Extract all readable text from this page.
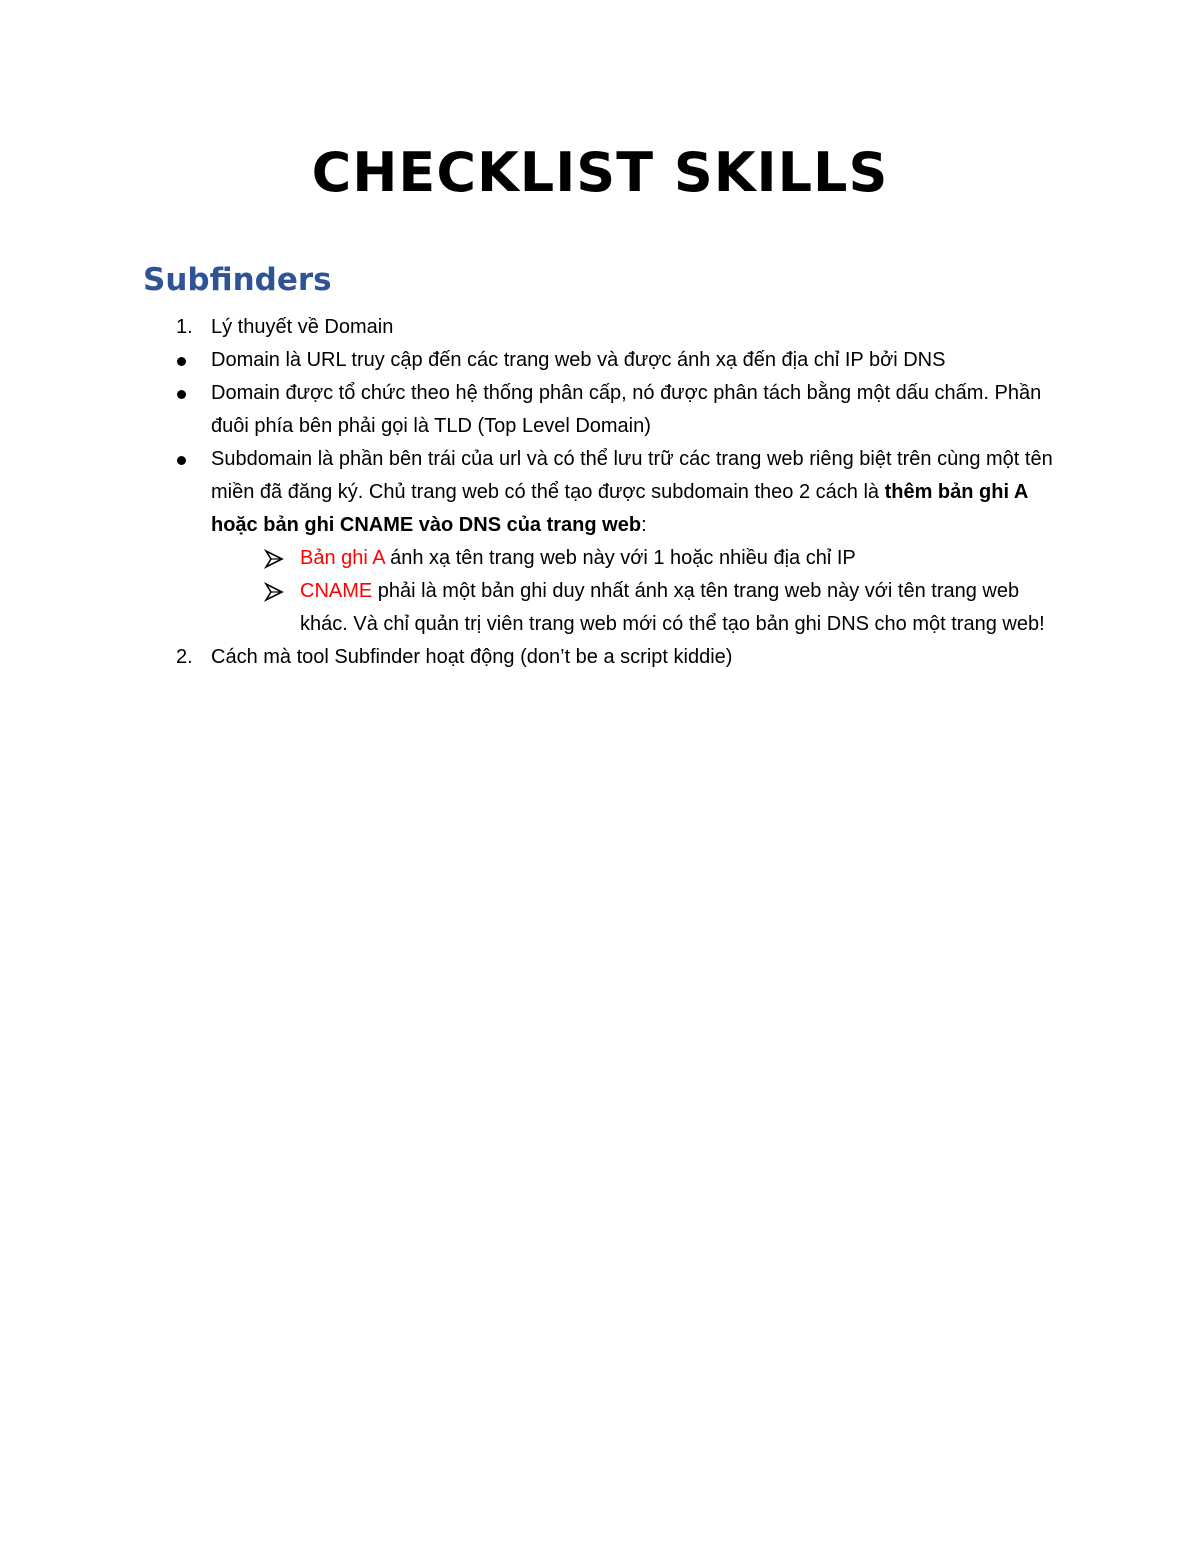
CHECKLIST SKILLS
Subfinders

1. Lý thuyết về Domain

Domain là URL truy cập đến các trang web và được ánh xạ đến địa chỉ IP bởi DNS

Domain được tổ chức theo hệ thống phân cấp, nó được phân tách bằng một dấu chấm. Phần đuôi phía bên phải gọi là TLD (Top Level Domain)

Subdomain là phần bên trái của url và có thể lưu trữ các trang web riêng biệt trên cùng một tên miền đã đăng ký. Chủ trang web có thể tạo được subdomain theo 2 cách là thêm bản ghi A hoặc bản ghi CNAME vào DNS của trang web:

Bản ghi A ánh xạ tên trang web này với 1 hoặc nhiều địa chỉ IP

CNAME phải là một bản ghi duy nhất ánh xạ tên trang web này với tên trang web khác. Và chỉ quản trị viên trang web mới có thể tạo bản ghi DNS cho một trang web!

2. Cách mà tool Subfinder hoạt động (don’t be a script kiddie)
